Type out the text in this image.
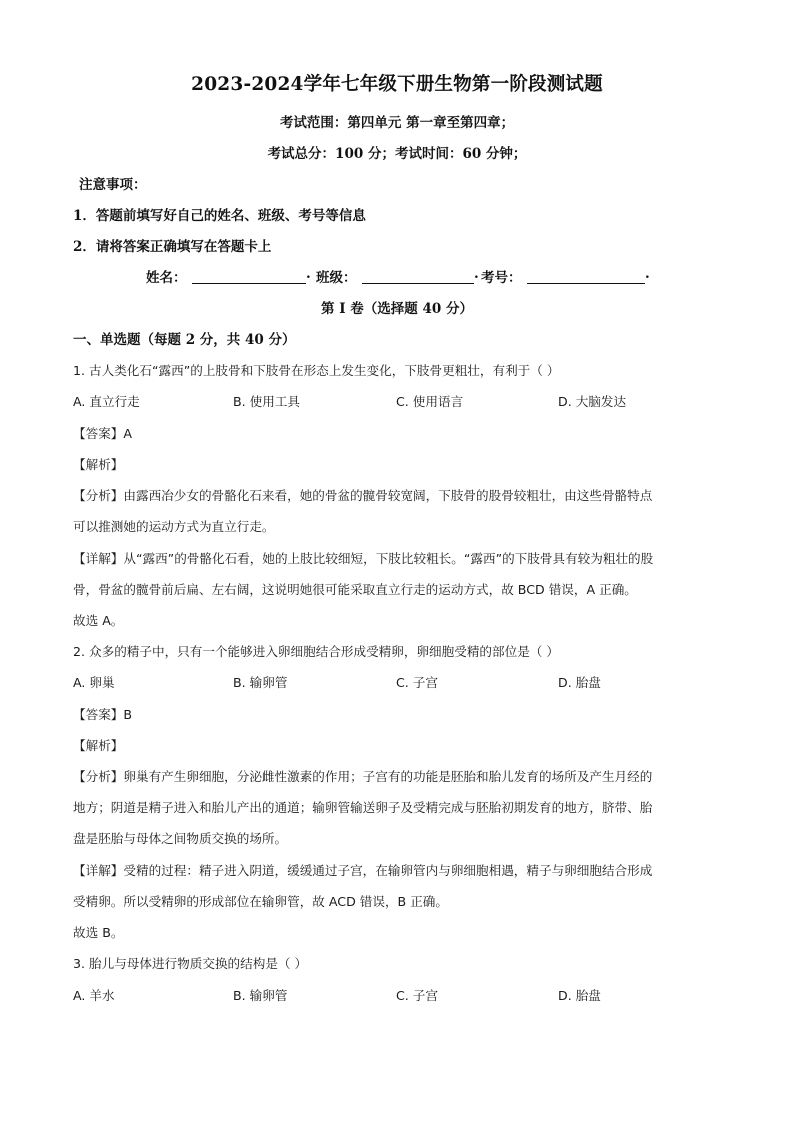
2023-2024学年七年级下册生物第一阶段测试题
考试范围：第四单元 第一章至第四章；
考试总分：100 分；考试时间：60 分钟；
注意事项：
1．答题前填写好自己的姓名、班级、考号等信息
2．请将答案正确填写在答题卡上
姓名：	. 班级：	. 考号：	.
第 I 卷（选择题 40 分）
一、单选题（每题 2 分，共 40 分）
1. 古人类化石“露西”的上肢骨和下肢骨在形态上发生变化，下肢骨更粗壮，有利于（ ）
A. 直立行走	B. 使用工具	C. 使用语言	D. 大脑发达
【答案】A
【解析】
【分析】由露西冶少女的骨骼化石来看，她的骨盆的髋骨较宽阔，下肢骨的股骨较粗壮，由这些骨骼特点
可以推测她的运动方式为直立行走。
【详解】从“露西”的骨骼化石看，她的上肢比较细短，下肢比较粗长。“露西”的下肢骨具有较为粗壮的股
骨，骨盆的髋骨前后扁、左右阔，这说明她很可能采取直立行走的运动方式，故 BCD 错误，A 正确。
故选 A。
2. 众多的精子中，只有一个能够进入卵细胞结合形成受精卵，卵细胞受精的部位是（ ）
A. 卵巢	B. 输卵管	C. 子宫	D. 胎盘
【答案】B
【解析】
【分析】卵巢有产生卵细胞，分泌雌性激素的作用；子宫有的功能是胚胎和胎儿发育的场所及产生月经的
地方；阴道是精子进入和胎儿产出的通道；输卵管输送卵子及受精完成与胚胎初期发育的地方，脐带、胎
盘是胚胎与母体之间物质交换的场所。
【详解】受精的过程：精子进入阴道，缓缓通过子宫，在输卵管内与卵细胞相遇，精子与卵细胞结合形成
受精卵。所以受精卵的形成部位在输卵管，故 ACD 错误，B 正确。
故选 B。
3. 胎儿与母体进行物质交换的结构是（ ）
A. 羊水	B. 输卵管	C. 子宫	D. 胎盘
